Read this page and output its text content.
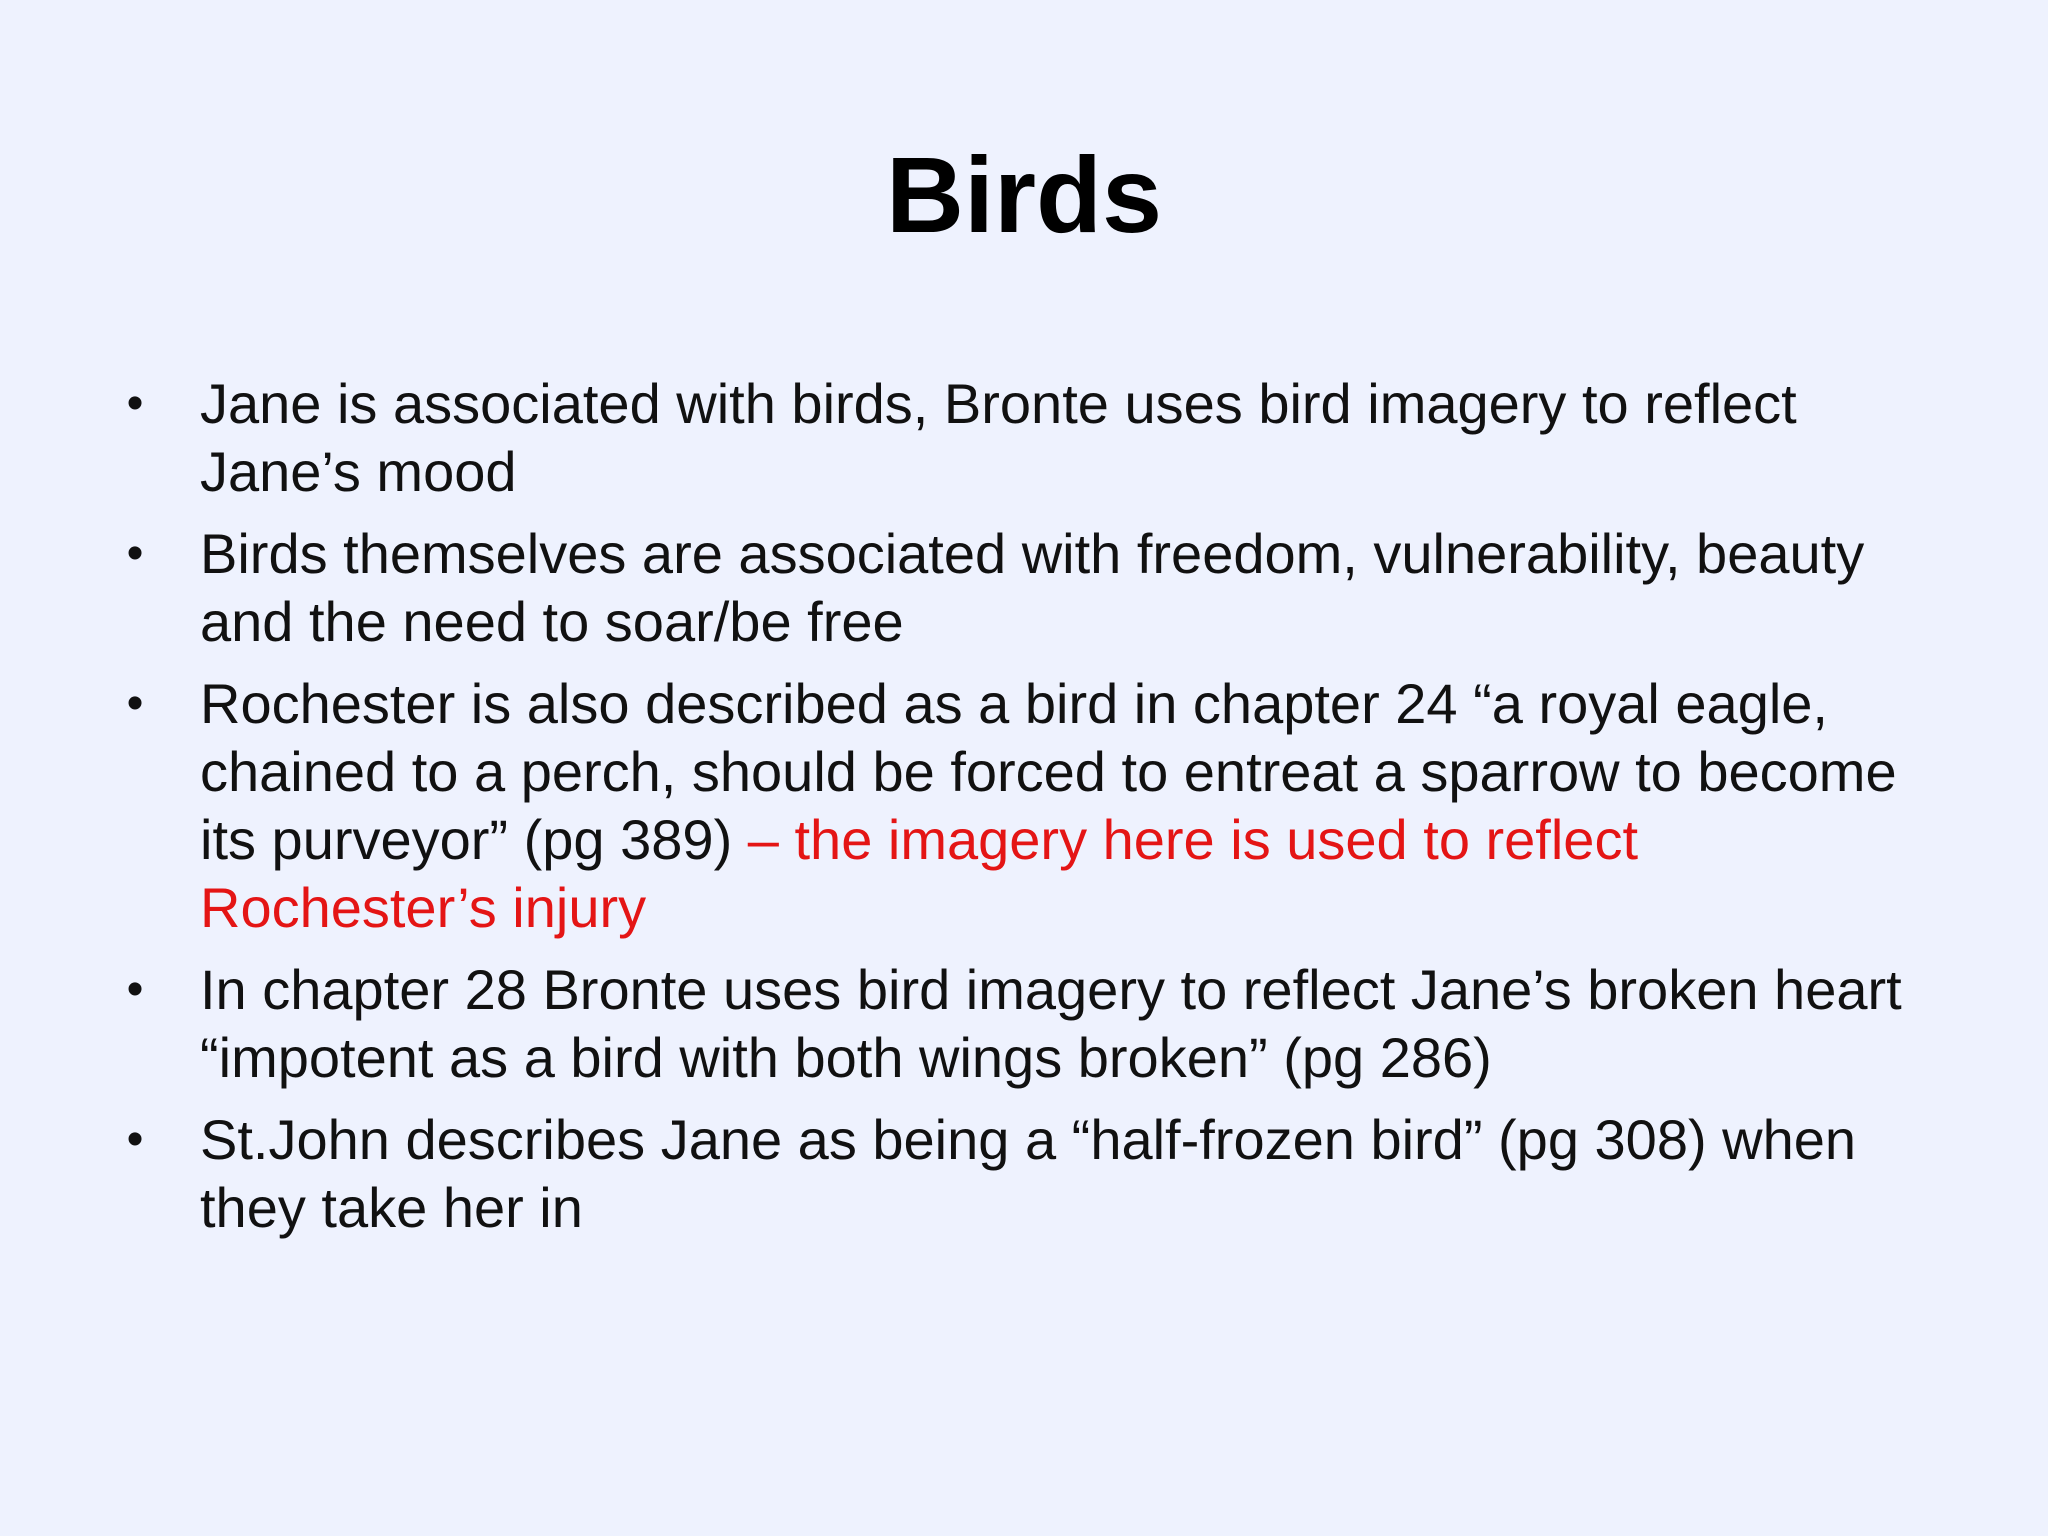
Birds
• Jane is associated with birds, Bronte uses bird imagery to reflect Jane’s mood
• Birds themselves are associated with freedom, vulnerability, beauty and the need to soar/be free
• Rochester is also described as a bird in chapter 24 “a royal eagle, chained to a perch, should be forced to entreat a sparrow to become its purveyor” (pg 389) – the imagery here is used to reflect Rochester’s injury
• In chapter 28 Bronte uses bird imagery to reflect Jane’s broken heart “impotent as a bird with both wings broken” (pg 286)
• St.John describes Jane as being a “half-frozen bird” (pg 308) when they take her in
